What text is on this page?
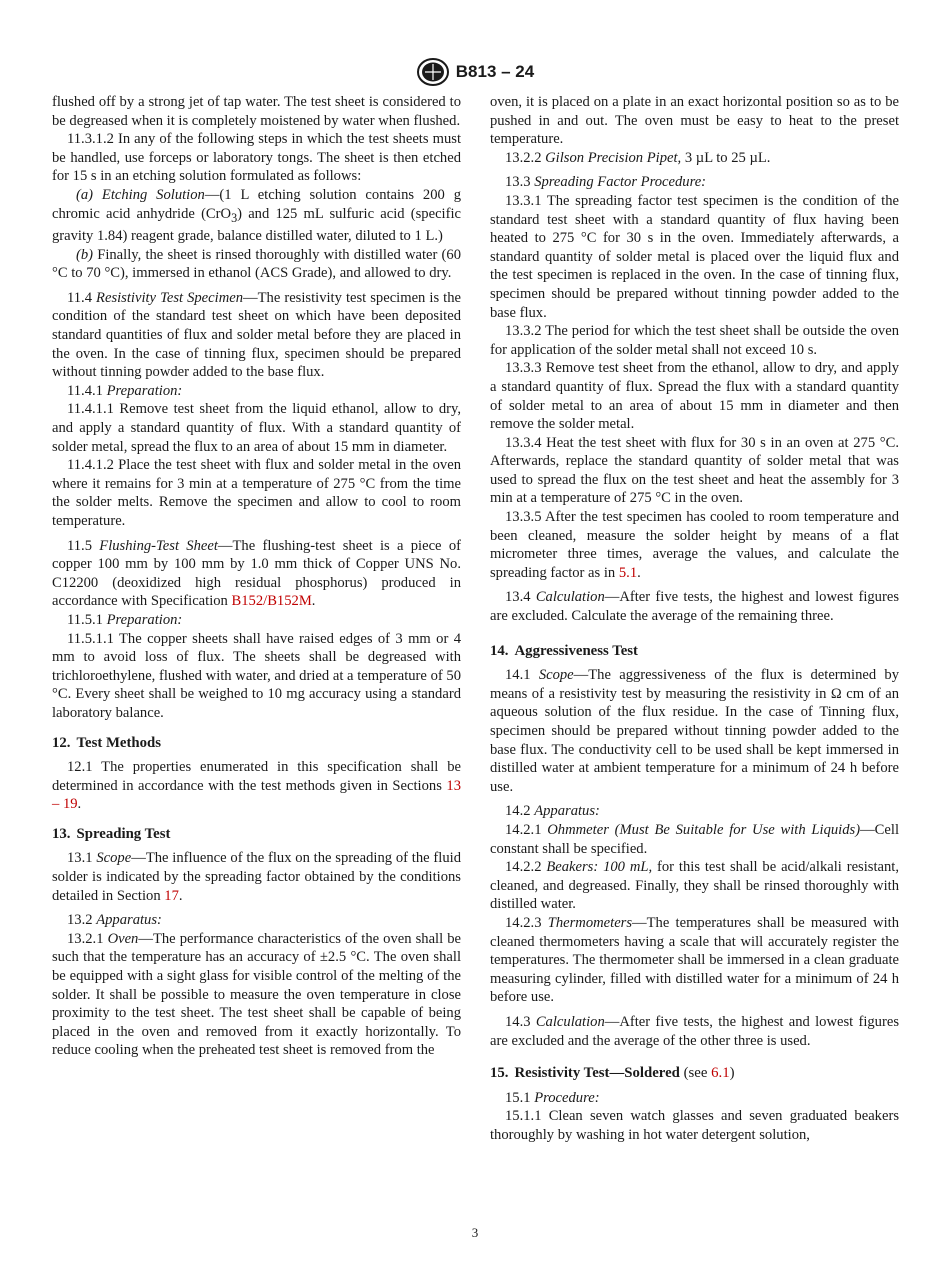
B813 – 24

flushed off by a strong jet of tap water. The test sheet is considered to be degreased when it is completely moistened by water when flushed.

11.3.1.2 In any of the following steps in which the test sheets must be handled, use forceps or laboratory tongs. The sheet is then etched for 15 s in an etching solution formulated as follows:

(a) Etching Solution—(1 L etching solution contains 200 g chromic acid anhydride (CrO$_3$) and 125 mL sulfuric acid (specific gravity 1.84) reagent grade, balance distilled water, diluted to 1 L.)

(b) Finally, the sheet is rinsed thoroughly with distilled water (60 °C to 70 °C), immersed in ethanol (ACS Grade), and allowed to dry.

11.4 Resistivity Test Specimen—The resistivity test specimen is the condition of the standard test sheet on which have been deposited standard quantities of flux and solder metal before they are placed in the oven. In the case of tinning flux, specimen should be prepared without tinning powder added to the base flux.

11.4.1 Preparation:

11.4.1.1 Remove test sheet from the liquid ethanol, allow to dry, and apply a standard quantity of flux. With a standard quantity of solder metal, spread the flux to an area of about 15 mm in diameter.

11.4.1.2 Place the test sheet with flux and solder metal in the oven where it remains for 3 min at a temperature of 275 °C from the time the solder melts. Remove the specimen and allow to cool to room temperature.

11.5 Flushing-Test Sheet—The flushing-test sheet is a piece of copper 100 mm by 100 mm by 1.0 mm thick of Copper UNS No. C12200 (deoxidized high residual phosphorus) produced in accordance with Specification B152/B152M.

11.5.1 Preparation:

11.5.1.1 The copper sheets shall have raised edges of 3 mm or 4 mm to avoid loss of flux. The sheets shall be degreased with trichloroethylene, flushed with water, and dried at a temperature of 50 °C. Every sheet shall be weighed to 10 mg accuracy using a standard laboratory balance.

12. Test Methods

12.1 The properties enumerated in this specification shall be determined in accordance with the test methods given in Sections 13 – 19.

13. Spreading Test

13.1 Scope—The influence of the flux on the spreading of the fluid solder is indicated by the spreading factor obtained by the conditions detailed in Section 17.

13.2 Apparatus:

13.2.1 Oven—The performance characteristics of the oven shall be such that the temperature has an accuracy of ±2.5 °C. The oven shall be equipped with a sight glass for visible control of the melting of the solder. It shall be possible to measure the oven temperature in close proximity to the test sheet. The test sheet shall be capable of being placed in the oven and removed from it exactly horizontally. To reduce cooling when the preheated test sheet is removed from the

oven, it is placed on a plate in an exact horizontal position so as to be pushed in and out. The oven must be easy to heat to the preset temperature.

13.2.2 Gilson Precision Pipet, 3 µL to 25 µL.

13.3 Spreading Factor Procedure:

13.3.1 The spreading factor test specimen is the condition of the standard test sheet with a standard quantity of flux having been heated to 275 °C for 30 s in the oven. Immediately afterwards, a standard quantity of solder metal is placed over the liquid flux and the test specimen is replaced in the oven. In the case of tinning flux, specimen should be prepared without tinning powder added to the base flux.

13.3.2 The period for which the test sheet shall be outside the oven for application of the solder metal shall not exceed 10 s.

13.3.3 Remove test sheet from the ethanol, allow to dry, and apply a standard quantity of flux. Spread the flux with a standard quantity of solder metal to an area of about 15 mm in diameter and then remove the solder metal.

13.3.4 Heat the test sheet with flux for 30 s in an oven at 275 °C. Afterwards, replace the standard quantity of solder metal that was used to spread the flux on the test sheet and heat the assembly for 3 min at a temperature of 275 °C in the oven.

13.3.5 After the test specimen has cooled to room temperature and been cleaned, measure the solder height by means of a flat micrometer three times, average the values, and calculate the spreading factor as in 5.1.

13.4 Calculation—After five tests, the highest and lowest figures are excluded. Calculate the average of the remaining three.

14. Aggressiveness Test

14.1 Scope—The aggressiveness of the flux is determined by means of a resistivity test by measuring the resistivity in Ω cm of an aqueous solution of the flux residue. In the case of Tinning flux, specimen should be prepared without tinning powder added to the base flux. The conductivity cell to be used shall be kept immersed in distilled water at ambient temperature for a minimum of 24 h before use.

14.2 Apparatus:

14.2.1 Ohmmeter (Must Be Suitable for Use with Liquids)—Cell constant shall be specified.

14.2.2 Beakers: 100 mL, for this test shall be acid/alkali resistant, cleaned, and degreased. Finally, they shall be rinsed thoroughly with distilled water.

14.2.3 Thermometers—The temperatures shall be measured with cleaned thermometers having a scale that will accurately register the temperatures. The thermometer shall be immersed in a clean graduate measuring cylinder, filled with distilled water for a minimum of 24 h before use.

14.3 Calculation—After five tests, the highest and lowest figures are excluded and the average of the other three is used.

15. Resistivity Test—Soldered (see 6.1)

15.1 Procedure:

15.1.1 Clean seven watch glasses and seven graduated beakers thoroughly by washing in hot water detergent solution,

3
